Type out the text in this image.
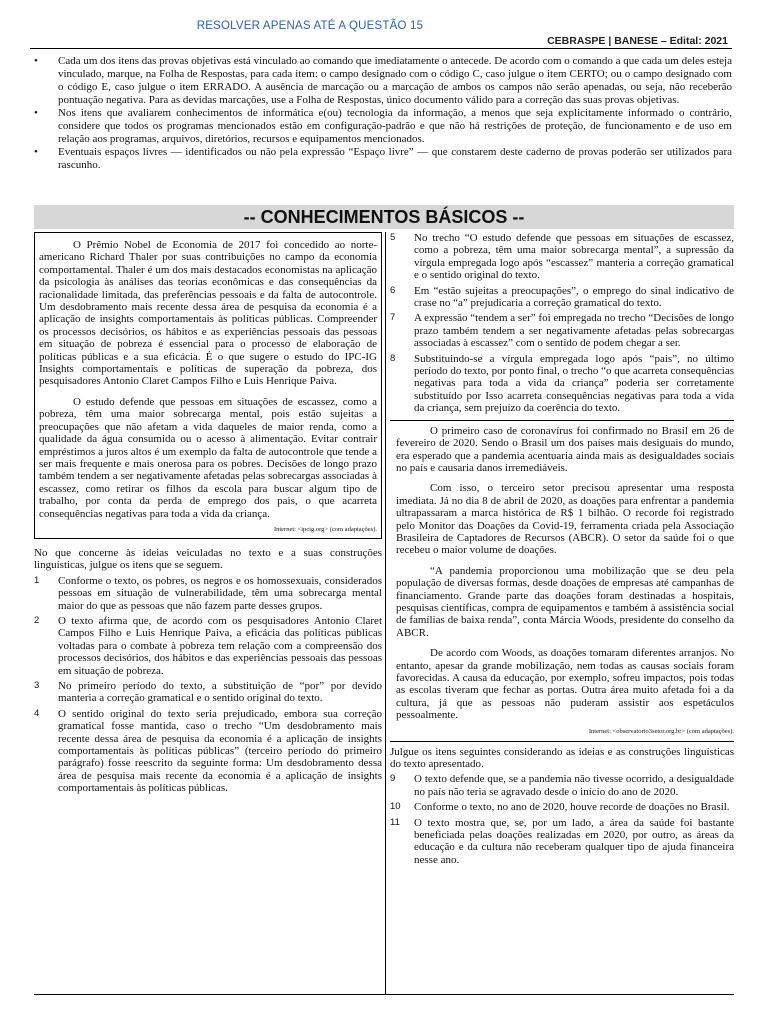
RESOLVER APENAS ATÉ A QUESTÃO 15
CEBRASPE | BANESE – Edital: 2021
•	Cada um dos itens das provas objetivas está vinculado ao comando que imediatamente o antecede. De acordo com o comando a que cada um deles esteja vinculado, marque, na Folha de Respostas, para cada item: o campo designado com o código C, caso julgue o item CERTO; ou o campo designado com o código E, caso julgue o item ERRADO. A ausência de marcação ou a marcação de ambos os campos não serão apenadas, ou seja, não receberão pontuação negativa. Para as devidas marcações, use a Folha de Respostas, único documento válido para a correção das suas provas objetivas.
•	Nos itens que avaliarem conhecimentos de informática e(ou) tecnologia da informação, a menos que seja explicitamente informado o contrário, considere que todos os programas mencionados estão em configuração-padrão e que não há restrições de proteção, de funcionamento e de uso em relação aos programas, arquivos, diretórios, recursos e equipamentos mencionados.
•	Eventuais espaços livres — identificados ou não pela expressão “Espaço livre” — que constarem deste caderno de provas poderão ser utilizados para rascunho.
-- CONHECIMENTOS BÁSICOS --

O Prêmio Nobel de Economia de 2017 foi concedido ao norte-americano Richard Thaler por suas contribuições no campo da economia comportamental. Thaler é um dos mais destacados economistas na aplicação da psicologia às análises das teorias econômicas e das consequências da racionalidade limitada, das preferências pessoais e da falta de autocontrole. Um desdobramento mais recente dessa área de pesquisa da economia é a aplicação de insights comportamentais às políticas públicas. Compreender os processos decisórios, os hábitos e as experiências pessoais das pessoas em situação de pobreza é essencial para o processo de elaboração de políticas públicas e a sua eficácia. É o que sugere o estudo do IPC-IG Insights comportamentais e políticas de superação da pobreza, dos pesquisadores Antonio Claret Campos Filho e Luis Henrique Paiva.

O estudo defende que pessoas em situações de escassez, como a pobreza, têm uma maior sobrecarga mental, pois estão sujeitas a preocupações que não afetam a vida daqueles de maior renda, como a qualidade da água consumida ou o acesso à alimentação. Evitar contrair empréstimos a juros altos é um exemplo da falta de autocontrole que tende a ser mais frequente e mais onerosa para os pobres. Decisões de longo prazo também tendem a ser negativamente afetadas pelas sobrecargas associadas à escassez, como retirar os filhos da escola para buscar algum tipo de trabalho, por conta da perda de emprego dos pais, o que acarreta consequências negativas para toda a vida da criança.

Internet: <ipcig.org> (com adaptações).
No que concerne às ideias veiculadas no texto e a suas construções linguísticas, julgue os itens que se seguem.
1	Conforme o texto, os pobres, os negros e os homossexuais, considerados pessoas em situação de vulnerabilidade, têm uma sobrecarga mental maior do que as pessoas que não fazem parte desses grupos.
2	O texto afirma que, de acordo com os pesquisadores Antonio Claret Campos Filho e Luis Henrique Paiva, a eficácia das políticas públicas voltadas para o combate à pobreza tem relação com a compreensão dos processos decisórios, dos hábitos e das experiências pessoais das pessoas em situação de pobreza.
3	No primeiro período do texto, a substituição de “por” por devido manteria a correção gramatical e o sentido original do texto.
4	O sentido original do texto seria prejudicado, embora sua correção gramatical fosse mantida, caso o trecho “Um desdobramento mais recente dessa área de pesquisa da economia é a aplicação de insights comportamentais às políticas públicas” (terceiro período do primeiro parágrafo) fosse reescrito da seguinte forma: Um desdobramento dessa área de pesquisa mais recente da economia é a aplicação de insights comportamentais às políticas públicas.
5	No trecho “O estudo defende que pessoas em situações de escassez, como a pobreza, têm uma maior sobrecarga mental”, a supressão da vírgula empregada logo após “escassez” manteria a correção gramatical e o sentido original do texto.
6	Em “estão sujeitas a preocupações”, o emprego do sinal indicativo de crase no “a” prejudicaria a correção gramatical do texto.
7	A expressão “tendem a ser” foi empregada no trecho “Decisões de longo prazo também tendem a ser negativamente afetadas pelas sobrecargas associadas à escassez” com o sentido de podem chegar a ser.
8	Substituindo-se a vírgula empregada logo após “pais”, no último período do texto, por ponto final, o trecho “o que acarreta consequências negativas para toda a vida da criança” poderia ser corretamente substituído por Isso acarreta consequências negativas para toda a vida da criança, sem prejuízo da coerência do texto.

O primeiro caso de coronavírus foi confirmado no Brasil em 26 de fevereiro de 2020. Sendo o Brasil um dos países mais desiguais do mundo, era esperado que a pandemia acentuaria ainda mais as desigualdades sociais no país e causaria danos irremediáveis.

Com isso, o terceiro setor precisou apresentar uma resposta imediata. Já no dia 8 de abril de 2020, as doações para enfrentar a pandemia ultrapassaram a marca histórica de R$ 1 bilhão. O recorde foi registrado pelo Monitor das Doações da Covid-19, ferramenta criada pela Associação Brasileira de Captadores de Recursos (ABCR). O setor da saúde foi o que recebeu o maior volume de doações.

“A pandemia proporcionou uma mobilização que se deu pela população de diversas formas, desde doações de empresas até campanhas de financiamento. Grande parte das doações foram destinadas a hospitais, pesquisas científicas, compra de equipamentos e também à assistência social de famílias de baixa renda”, conta Márcia Woods, presidente do conselho da ABCR.

De acordo com Woods, as doações tomaram diferentes arranjos. No entanto, apesar da grande mobilização, nem todas as causas sociais foram favorecidas. A causa da educação, por exemplo, sofreu impactos, pois todas as escolas tiveram que fechar as portas. Outra área muito afetada foi a da cultura, já que as pessoas não puderam assistir aos espetáculos pessoalmente.

Internet: <observatorio3setor.org.br> (com adaptações).
Julgue os itens seguintes considerando as ideias e as construções linguísticas do texto apresentado.
9	O texto defende que, se a pandemia não tivesse ocorrido, a desigualdade no país não teria se agravado desde o início do ano de 2020.
10	Conforme o texto, no ano de 2020, houve recorde de doações no Brasil.
11	O texto mostra que, se, por um lado, a área da saúde foi bastante beneficiada pelas doações realizadas em 2020, por outro, as áreas da educação e da cultura não receberam qualquer tipo de ajuda financeira nesse ano.
